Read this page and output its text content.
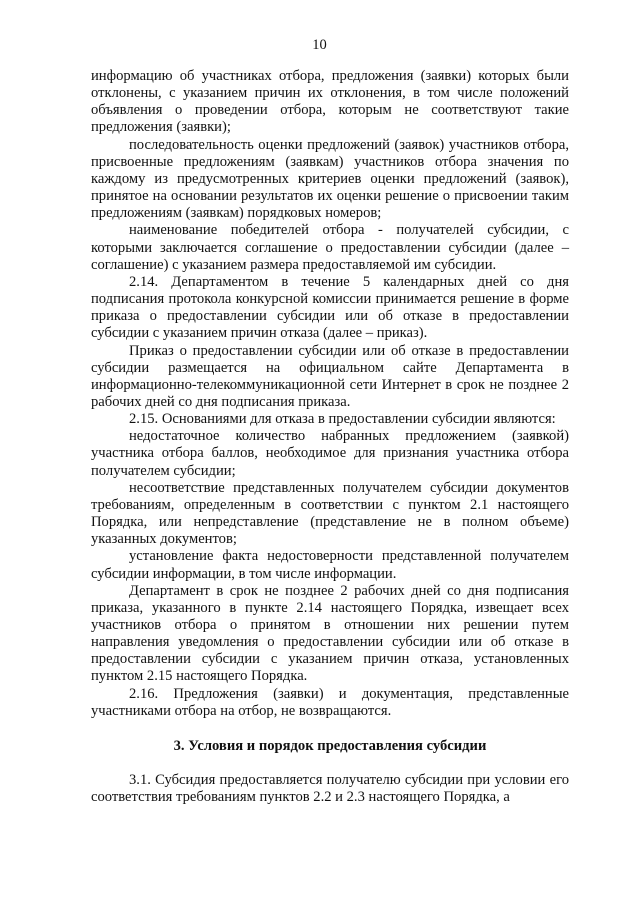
10

информацию об участниках отбора, предложения (заявки) которых были отклонены, с указанием причин их отклонения, в том числе положений объявления о проведении отбора, которым не соответствуют такие предложения (заявки);

последовательность оценки предложений (заявок) участников отбора, присвоенные предложениям (заявкам) участников отбора значения по каждому из предусмотренных критериев оценки предложений (заявок), принятое на основании результатов их оценки решение о присвоении таким предложениям (заявкам) порядковых номеров;

наименование победителей отбора - получателей субсидии, с которыми заключается соглашение о предоставлении субсидии (далее – соглашение) с указанием размера предоставляемой им субсидии.

2.14. Департаментом в течение 5 календарных дней со дня подписания протокола конкурсной комиссии принимается решение в форме приказа о предоставлении субсидии или об отказе в предоставлении субсидии с указанием причин отказа (далее – приказ).

Приказ о предоставлении субсидии или об отказе в предоставлении субсидии размещается на официальном сайте Департамента в информационно-телекоммуникационной сети Интернет в срок не позднее 2 рабочих дней со дня подписания приказа.

2.15. Основаниями для отказа в предоставлении субсидии являются:

недостаточное количество набранных предложением (заявкой) участника отбора баллов, необходимое для признания участника отбора получателем субсидии;

несоответствие представленных получателем субсидии документов требованиям, определенным в соответствии с пунктом 2.1 настоящего Порядка, или непредставление (представление не в полном объеме) указанных документов;

установление факта недостоверности представленной получателем субсидии информации, в том числе информации.

Департамент в срок не позднее 2 рабочих дней со дня подписания приказа, указанного в пункте 2.14 настоящего Порядка, извещает всех участников отбора о принятом в отношении них решении путем направления уведомления о предоставлении субсидии или об отказе в предоставлении субсидии с указанием причин отказа, установленных пунктом 2.15 настоящего Порядка.

2.16. Предложения (заявки) и документация, представленные участниками отбора на отбор, не возвращаются.

3. Условия и порядок предоставления субсидии

3.1. Субсидия предоставляется получателю субсидии при условии его соответствия требованиям пунктов 2.2 и 2.3 настоящего Порядка, а
